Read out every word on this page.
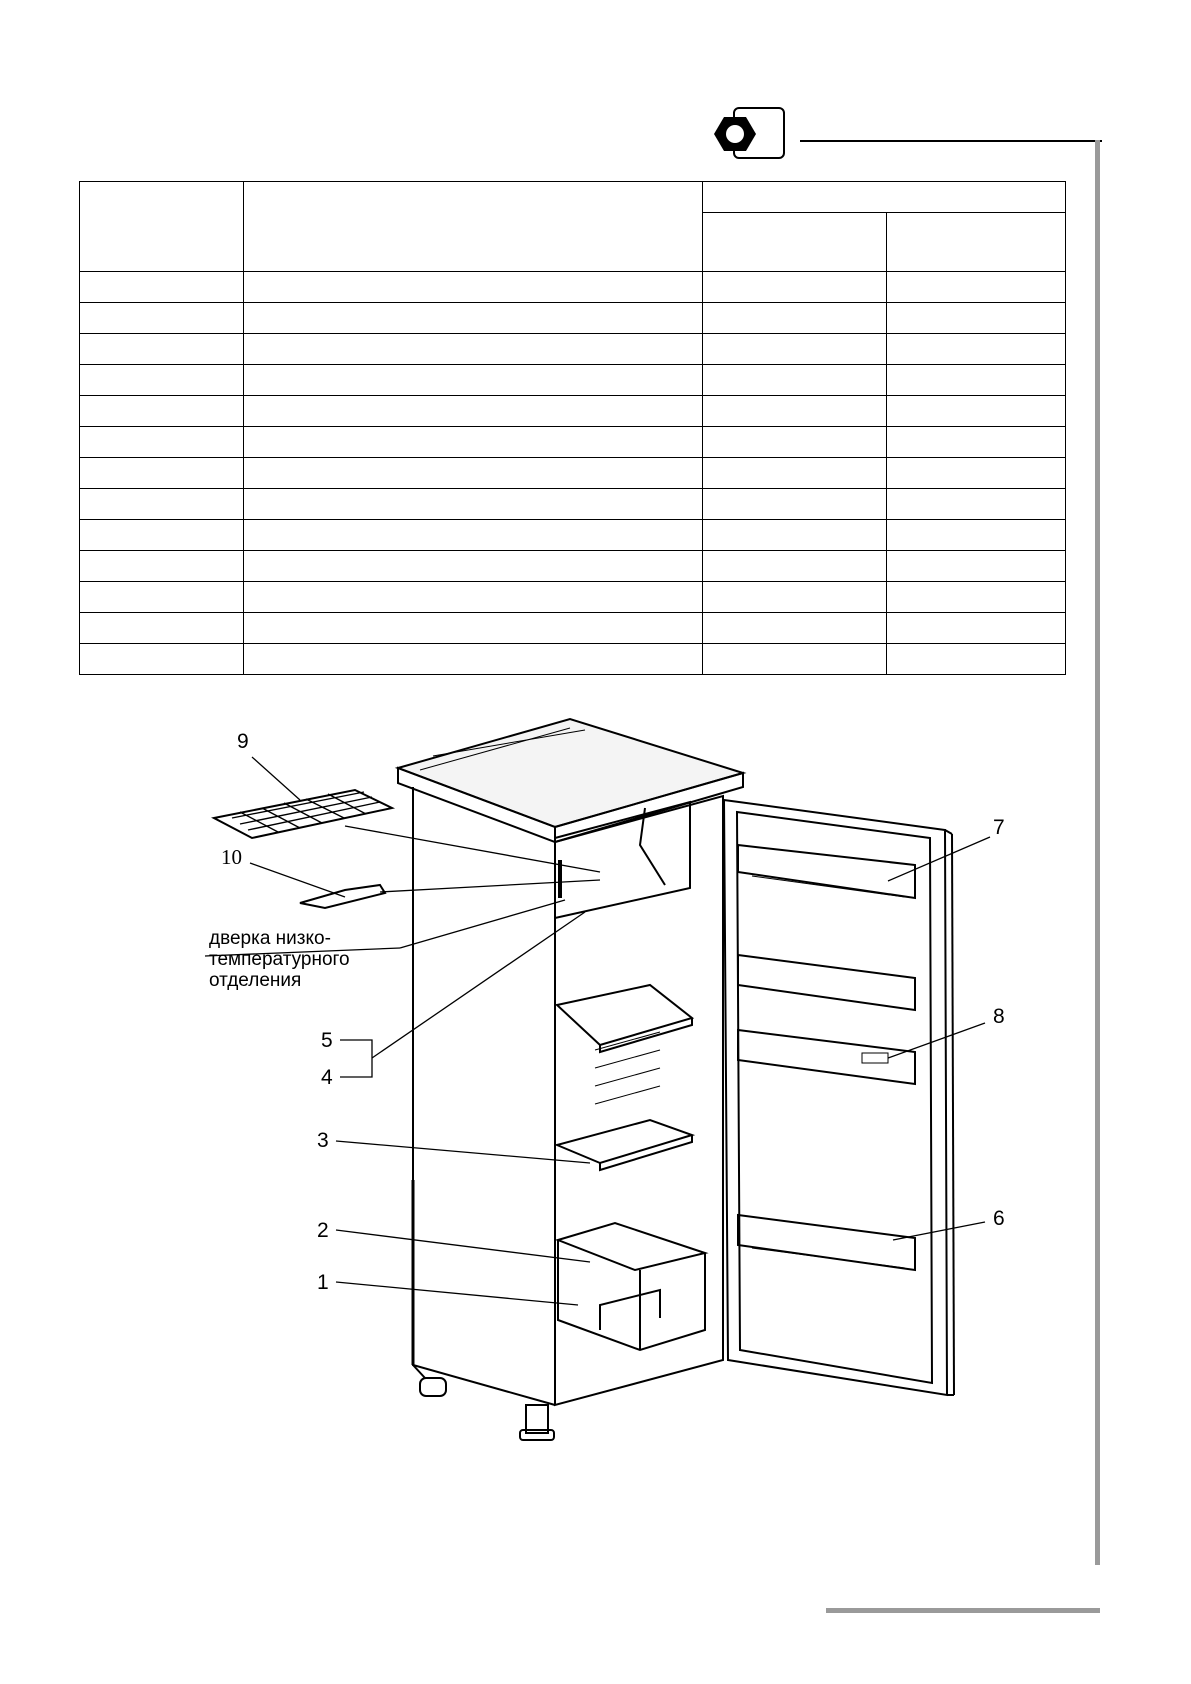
9
10
5
4
3
2
1
7
8
6
дверка низко-
температурного
отделения
